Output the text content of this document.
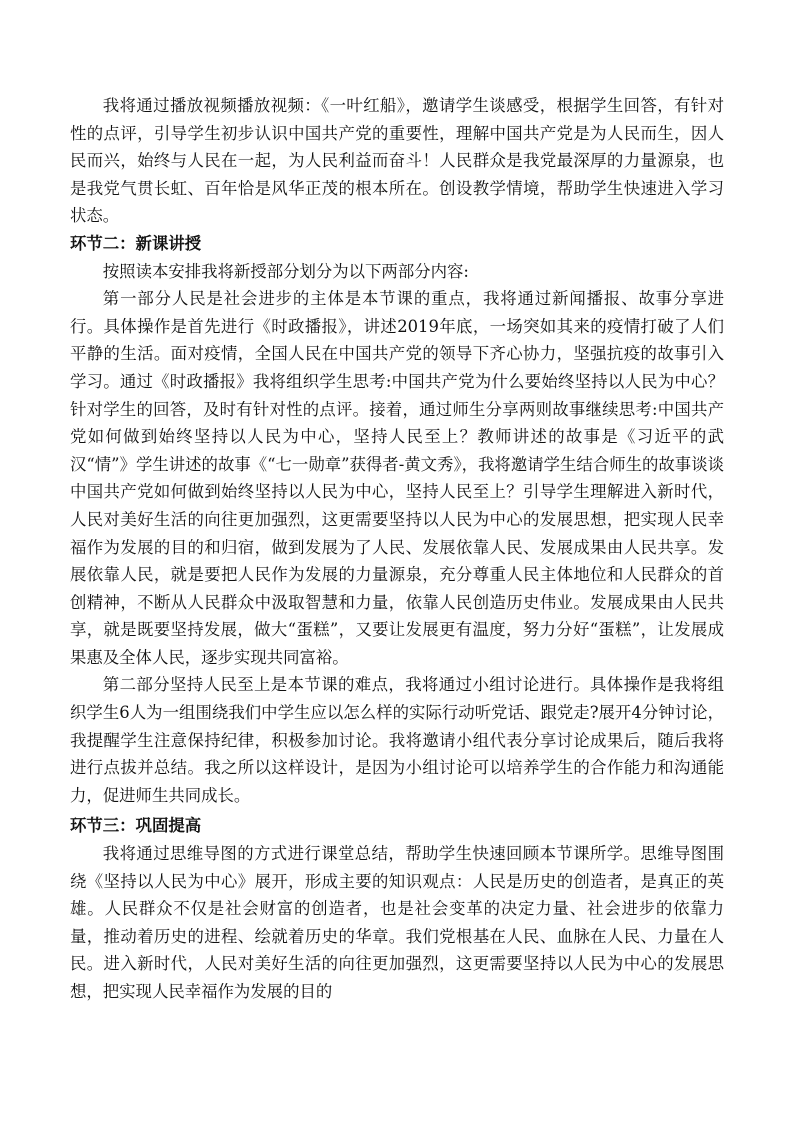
我将通过播放视频播放视频：《一叶红船》，邀请学生谈感受，根据学生回答，有针对性的点评，引导学生初步认识中国共产党的重要性，理解中国共产党是为人民而生，因人民而兴，始终与人民在一起，为人民利益而奋斗！人民群众是我党最深厚的力量源泉，也是我党气贯长虹、百年恰是风华正茂的根本所在。创设教学情境，帮助学生快速进入学习状态。

环节二：新课讲授

按照读本安排我将新授部分划分为以下两部分内容:

第一部分人民是社会进步的主体是本节课的重点，我将通过新闻播报、故事分享进行。具体操作是首先进行《时政播报》，讲述2019年底，一场突如其来的疫情打破了人们平静的生活。面对疫情，全国人民在中国共产党的领导下齐心协力，坚强抗疫的故事引入学习。通过《时政播报》我将组织学生思考:中国共产党为什么要始终坚持以人民为中心？针对学生的回答，及时有针对性的点评。接着，通过师生分享两则故事继续思考:中国共产党如何做到始终坚持以人民为中心，坚持人民至上？教师讲述的故事是《习近平的武汉“情”》学生讲述的故事《“七一勋章”获得者-黄文秀》，我将邀请学生结合师生的故事谈谈中国共产党如何做到始终坚持以人民为中心，坚持人民至上？引导学生理解进入新时代，人民对美好生活的向往更加强烈，这更需要坚持以人民为中心的发展思想，把实现人民幸福作为发展的目的和归宿，做到发展为了人民、发展依靠人民、发展成果由人民共享。发展依靠人民，就是要把人民作为发展的力量源泉，充分尊重人民主体地位和人民群众的首创精神，不断从人民群众中汲取智慧和力量，依靠人民创造历史伟业。发展成果由人民共享，就是既要坚持发展，做大“蛋糕”，又要让发展更有温度，努力分好“蛋糕”，让发展成果惠及全体人民，逐步实现共同富裕。

第二部分坚持人民至上是本节课的难点，我将通过小组讨论进行。具体操作是我将组织学生6人为一组围绕我们中学生应以怎么样的实际行动听党话、跟党走?展开4分钟讨论，我提醒学生注意保持纪律，积极参加讨论。我将邀请小组代表分享讨论成果后，随后我将进行点拔并总结。我之所以这样设计，是因为小组讨论可以培养学生的合作能力和沟通能力，促进师生共同成长。

环节三：巩固提高

我将通过思维导图的方式进行课堂总结，帮助学生快速回顾本节课所学。思维导图围绕《坚持以人民为中心》展开，形成主要的知识观点：人民是历史的创造者，是真正的英雄。人民群众不仅是社会财富的创造者，也是社会变革的决定力量、社会进步的依靠力量，推动着历史的进程、绘就着历史的华章。我们党根基在人民、血脉在人民、力量在人民。进入新时代，人民对美好生活的向往更加强烈，这更需要坚持以人民为中心的发展思想，把实现人民幸福作为发展的目的
